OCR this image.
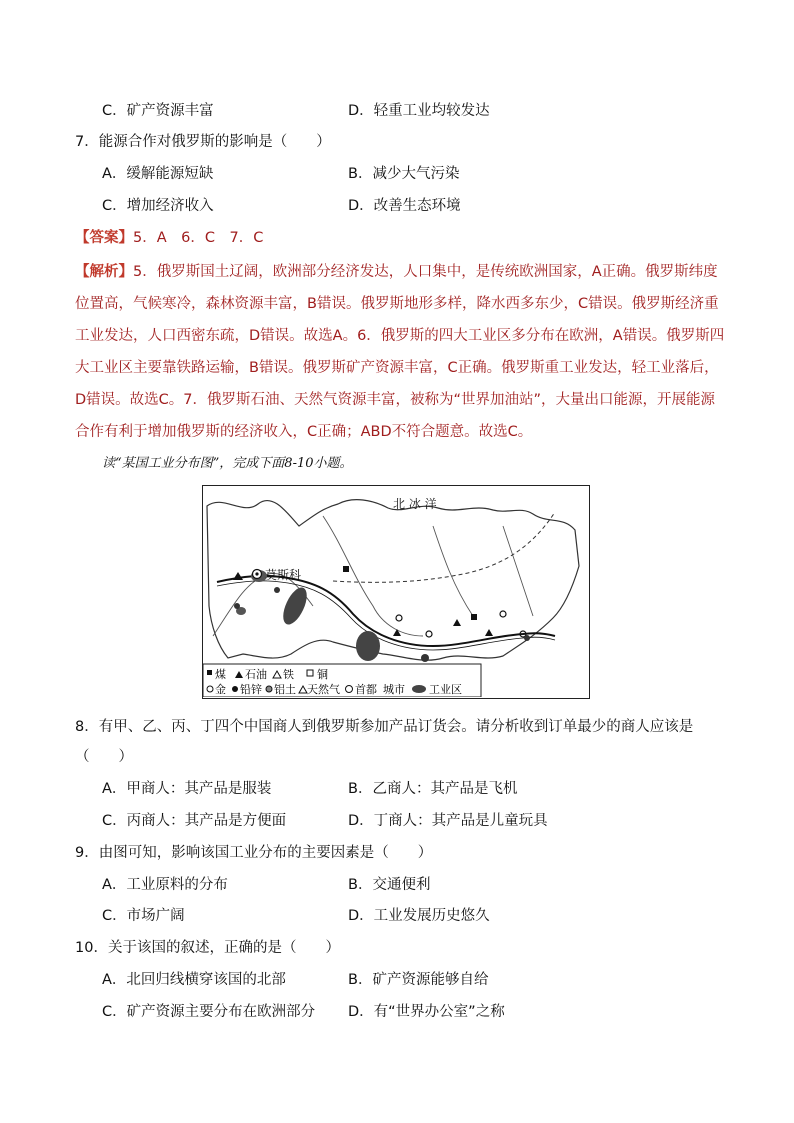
C．矿产资源丰富	D．轻重工业均较发达
7．能源合作对俄罗斯的影响是（　　）
A．缓解能源短缺	B．减少大气污染
C．增加经济收入	D．改善生态环境
【答案】5．A　6．C　7．C
【解析】5．俄罗斯国土辽阔，欧洲部分经济发达，人口集中，是传统欧洲国家，A正确。俄罗斯纬度位置高，气候寒冷，森林资源丰富，B错误。俄罗斯地形多样，降水西多东少，C错误。俄罗斯经济重工业发达，人口西密东疏，D错误。故选A。6．俄罗斯的四大工业区多分布在欧洲，A错误。俄罗斯四大工业区主要靠铁路运输，B错误。俄罗斯矿产资源丰富，C正确。俄罗斯重工业发达，轻工业落后，D错误。故选C。7．俄罗斯石油、天然气资源丰富，被称为“世界加油站”，大量出口能源，开展能源合作有利于增加俄罗斯的经济收入，C正确；ABD不符合题意。故选C。
读“某国工业分布图”，完成下面8-10小题。
莫斯科
北 冰 洋
煤 石油 铁 铜
金 铅锌 铝土 天然气 首都 城市 工业区
8．有甲、乙、丙、丁四个中国商人到俄罗斯参加产品订货会。请分析收到订单最少的商人应该是
（　　）
A．甲商人：其产品是服装	B．乙商人：其产品是飞机
C．丙商人：其产品是方便面	D．丁商人：其产品是儿童玩具
9．由图可知，影响该国工业分布的主要因素是（　　）
A．工业原料的分布	B．交通便利
C．市场广阔	D．工业发展历史悠久
10．关于该国的叙述，正确的是（　　）
A．北回归线横穿该国的北部	B．矿产资源能够自给
C．矿产资源主要分布在欧洲部分 D．有“世界办公室”之称
